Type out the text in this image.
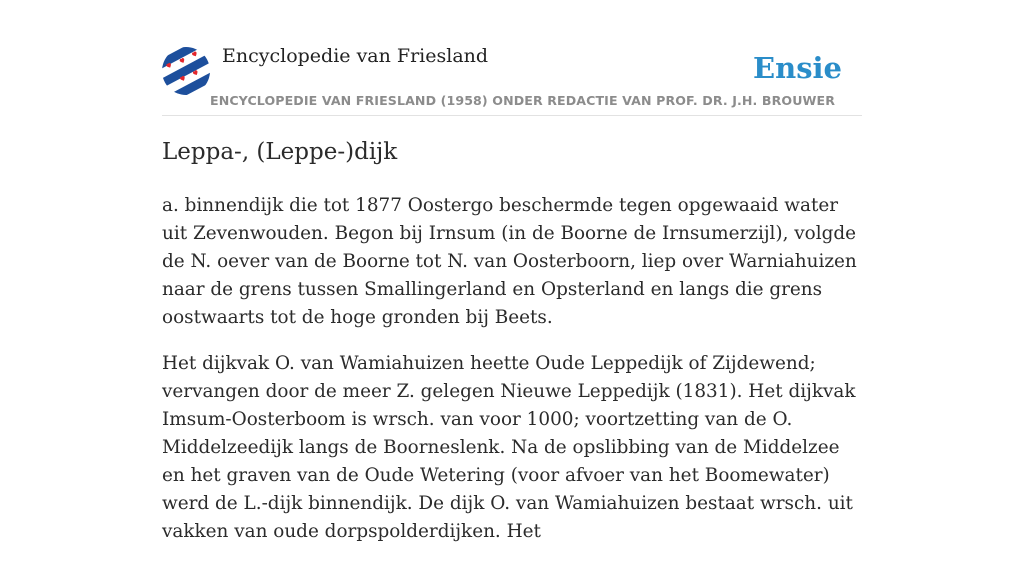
Encyclopedie van Friesland	Ensie
ENCYCLOPEDIE VAN FRIESLAND (1958) ONDER REDACTIE VAN PROF. DR. J.H. BROUWER
Leppa-, (Leppe-)dijk

a. binnendijk die tot 1877 Oostergo beschermde tegen opgewaaid water uit Zevenwouden. Begon bij Irnsum (in de Boorne de Irnsumerzijl), volgde de N. oever van de Boorne tot N. van Oosterboorn, liep over Warniahuizen naar de grens tussen Smallingerland en Opsterland en langs die grens oostwaarts tot de hoge gronden bij Beets.

Het dijkvak O. van Wamiahuizen heette Oude Leppedijk of Zijdewend; vervangen door de meer Z. gelegen Nieuwe Leppedijk (1831). Het dijkvak Imsum-Oosterboom is wrsch. van voor 1000; voortzetting van de O. Middelzeedijk langs de Boorneslenk. Na de opslibbing van de Middelzee en het graven van de Oude Wetering (voor afvoer van het Boomewater) werd de L.-dijk binnendijk. De dijk O. van Wamiahuizen bestaat wrsch. uit vakken van oude dorpspolderdijken. Het
